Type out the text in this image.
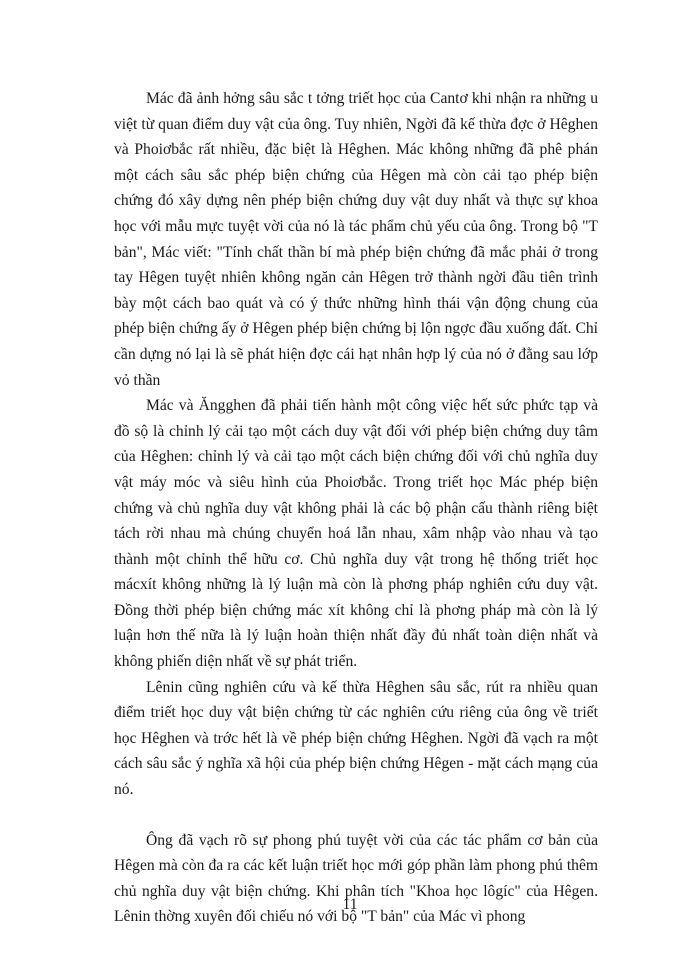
Mác đã ảnh hởng sâu sắc t tởng triết học của Cantơ khi nhận ra những u việt từ quan điểm duy vật của ông. Tuy nhiên, Ngời đã kế thừa đợc ở Hêghen và Phoiơbắc rất nhiều, đặc biệt là Hêghen. Mác không những đã phê phán một cách sâu sắc phép biện chứng của Hêgen mà còn cải tạo phép biện chứng đó xây dựng nên phép biện chứng duy vật duy nhất và thực sự khoa học với mẫu mực tuyệt vời của nó là tác phẩm chủ yếu của ông. Trong bộ "T bản", Mác viết: "Tính chất thần bí mà phép biện chứng đã mắc phải ở trong tay Hêgen tuyệt nhiên không ngăn cản Hêgen trở thành ngời đầu tiên trình bày một cách bao quát và có ý thức những hình thái vận động chung của phép biện chứng ấy ở Hêgen phép biện chứng bị lộn ngợc đầu xuống đất. Chỉ cần dựng nó lại là sẽ phát hiện đợc cái hạt nhân hợp lý của nó ở đằng sau lớp vỏ thần

Mác và Ăngghen đã phải tiến hành một công việc hết sức phức tạp và đồ sộ là chỉnh lý cải tạo một cách duy vật đối với phép biện chứng duy tâm của Hêghen: chỉnh lý và cải tạo một cách biện chứng đối với chủ nghĩa duy vật máy móc và siêu hình của Phoiơbắc. Trong triết học Mác phép biện chứng và chủ nghĩa duy vật không phải là các bộ phận cấu thành riêng biệt tách rời nhau mà chúng chuyển hoá lẫn nhau, xâm nhập vào nhau và tạo thành một chỉnh thể hữu cơ. Chủ nghĩa duy vật trong hệ thống triết học mácxít không những là lý luận mà còn là phơng pháp nghiên cứu duy vật. Đồng thời phép biện chứng mác xít không chỉ là phơng pháp mà còn là lý luận hơn thế nữa là lý luận hoàn thiện nhất đầy đủ nhất toàn diện nhất và không phiến diện nhất về sự phát triển.

Lênin cũng nghiên cứu và kế thừa Hêghen sâu sắc, rút ra nhiều quan điểm triết học duy vật biện chứng từ các nghiên cứu riêng của ông về triết học Hêghen và trớc hết là về phép biện chứng Hêghen. Ngời đã vạch ra một cách sâu sắc ý nghĩa xã hội của phép biện chứng Hêgen - mặt cách mạng của nó.

Ông đã vạch rõ sự phong phú tuyệt vời của các tác phẩm cơ bản của Hêgen mà còn đa ra các kết luận triết học mới góp phần làm phong phú thêm chủ nghĩa duy vật biện chứng. Khi phân tích "Khoa học lôgíc" của Hêgen. Lênin thờng xuyên đối chiếu nó với bộ "T bản" của Mác vì phong

11
